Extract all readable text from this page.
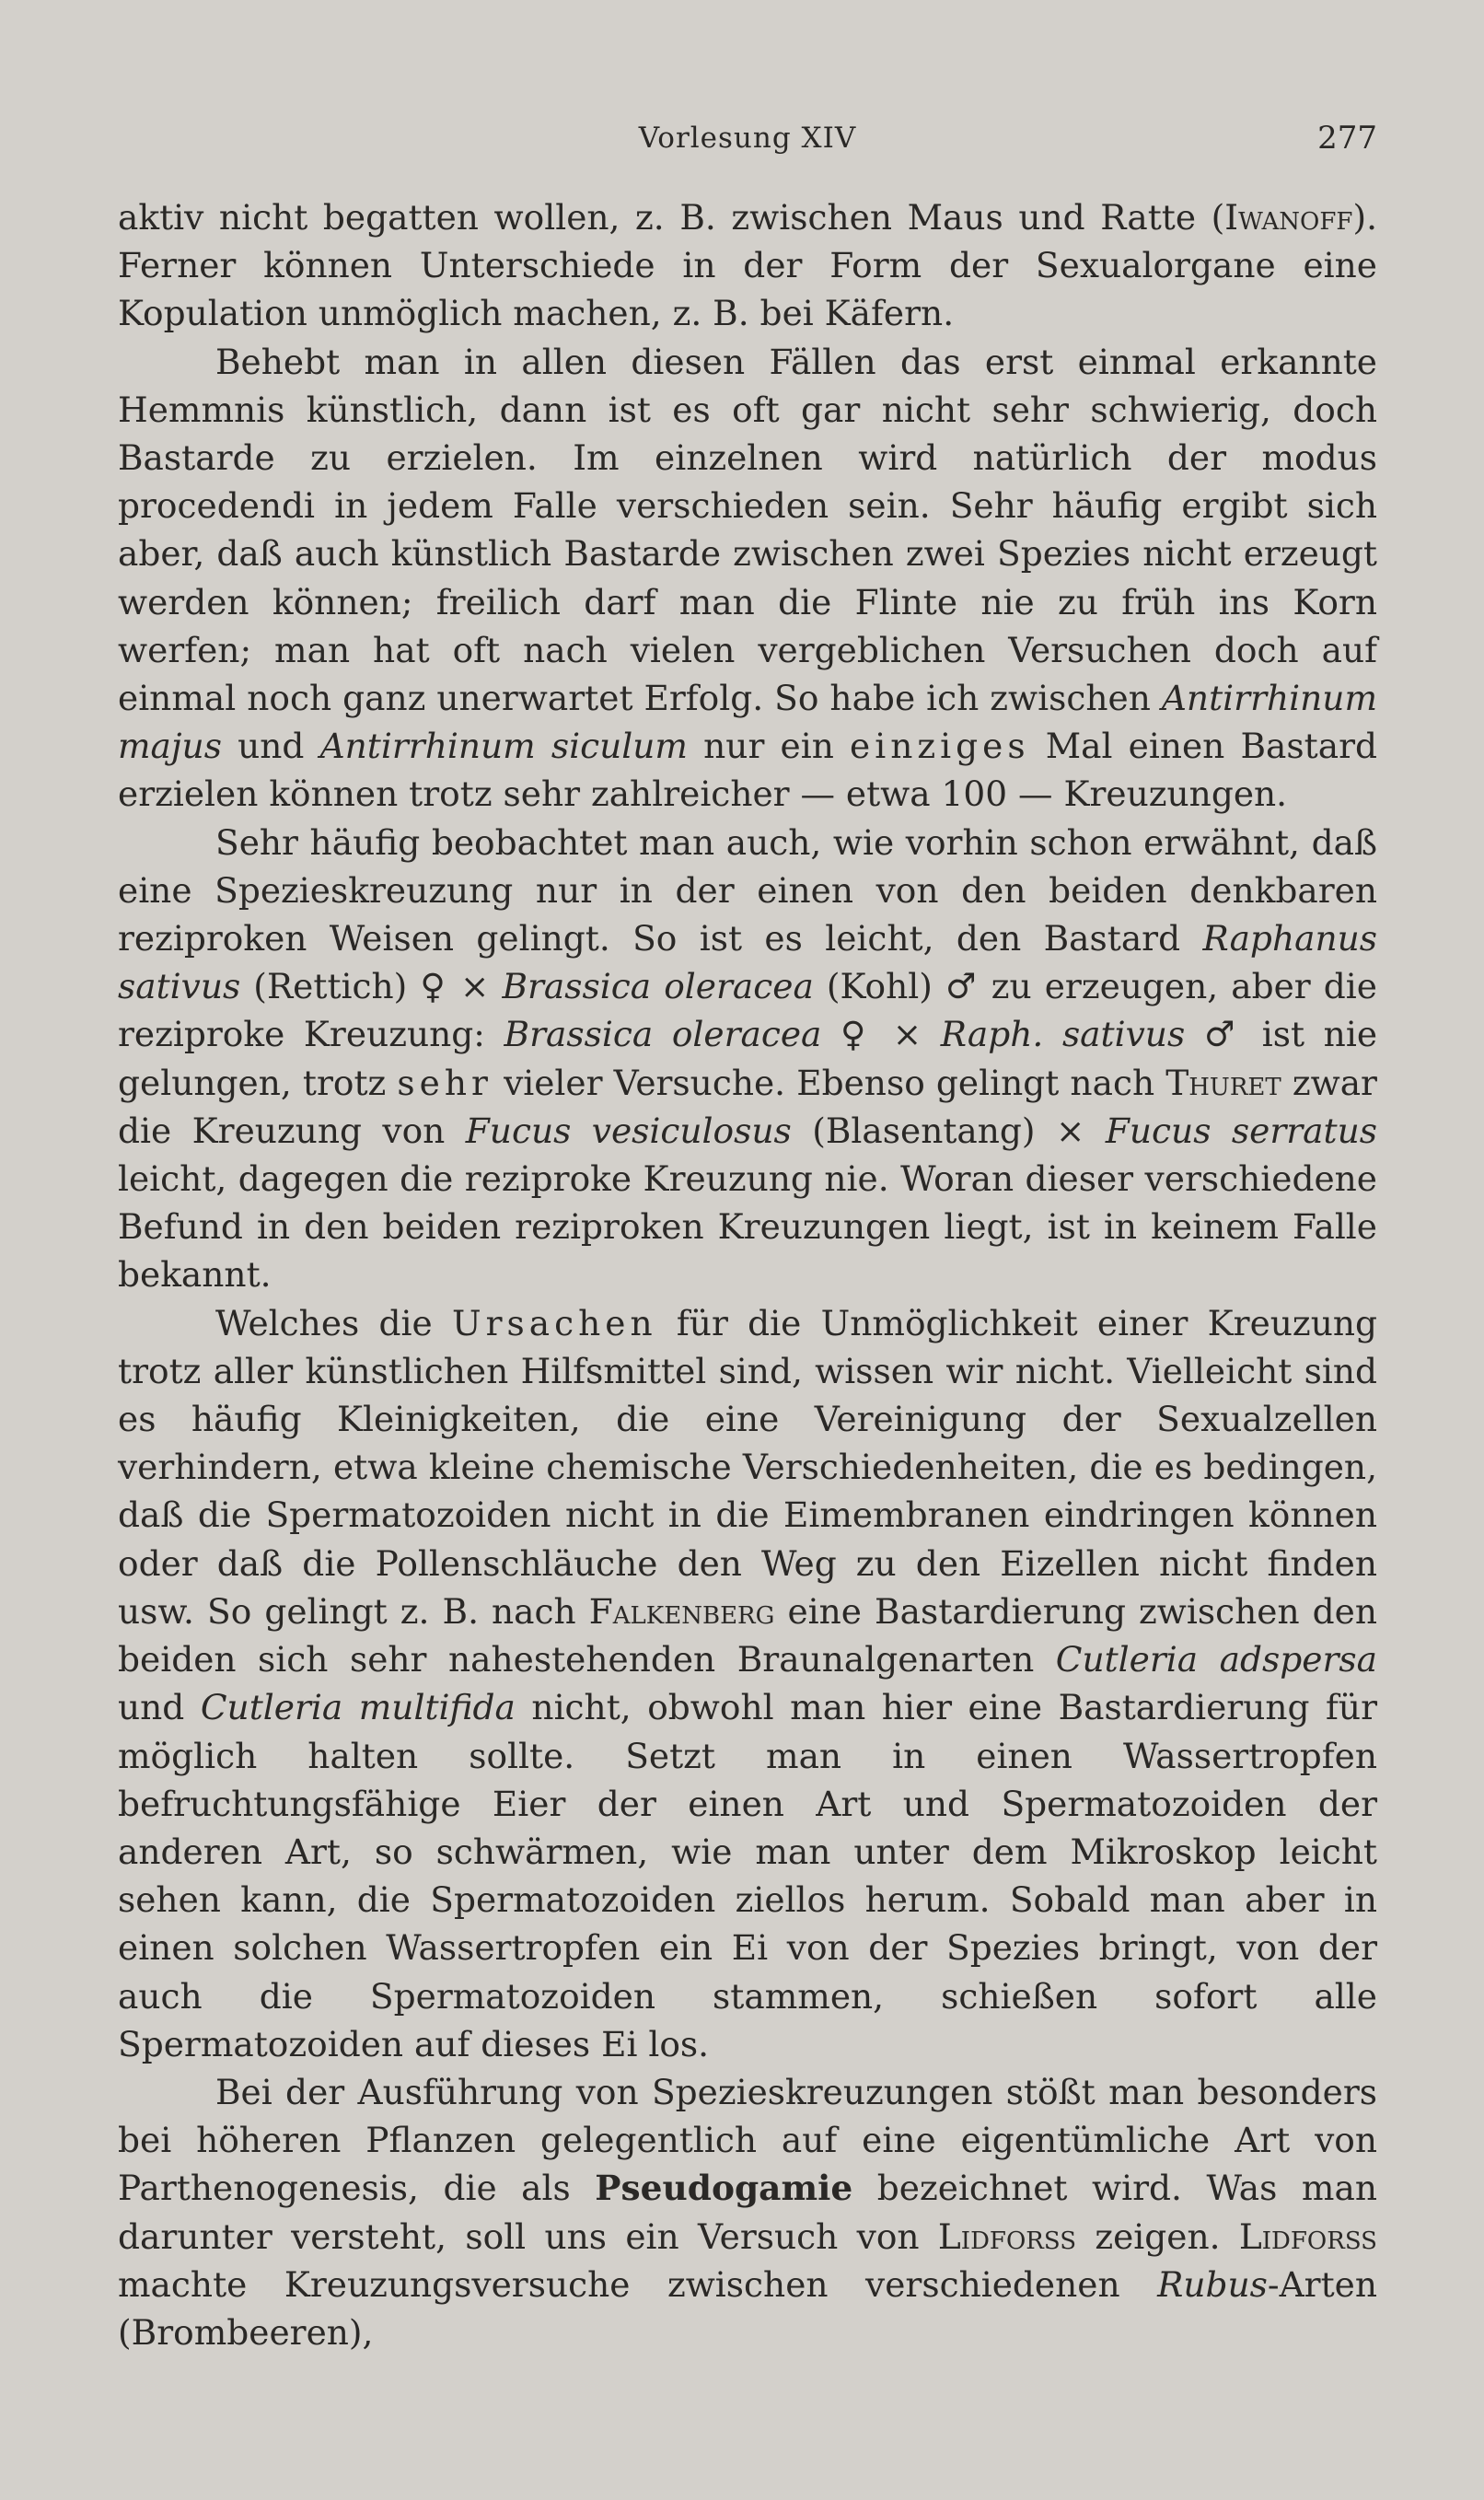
Vorlesung XIV	277

aktiv nicht begatten wollen, z. B. zwischen Maus und Ratte (Iwanoff). Ferner können Unterschiede in der Form der Sexualorgane eine Kopulation unmöglich machen, z. B. bei Käfern.

Behebt man in allen diesen Fällen das erst einmal erkannte Hemmnis künstlich, dann ist es oft gar nicht sehr schwierig, doch Bastarde zu erzielen. Im einzelnen wird natürlich der modus procedendi in jedem Falle verschieden sein. Sehr häufig ergibt sich aber, daß auch künstlich Bastarde zwischen zwei Spezies nicht erzeugt werden können; freilich darf man die Flinte nie zu früh ins Korn werfen; man hat oft nach vielen vergeblichen Versuchen doch auf einmal noch ganz unerwartet Erfolg. So habe ich zwischen Antirrhinum majus und Antirrhinum siculum nur ein einziges Mal einen Bastard erzielen können trotz sehr zahlreicher — etwa 100 — Kreuzungen.

Sehr häufig beobachtet man auch, wie vorhin schon erwähnt, daß eine Spezieskreuzung nur in der einen von den beiden denkbaren reziproken Weisen gelingt. So ist es leicht, den Bastard Raphanus sativus (Rettich) ♀ × Brassica oleracea (Kohl) ♂ zu erzeugen, aber die reziproke Kreuzung: Brassica oleracea ♀ × Raph. sativus ♂ ist nie gelungen, trotz sehr vieler Versuche. Ebenso gelingt nach Thuret zwar die Kreuzung von Fucus vesiculosus (Blasentang) × Fucus serratus leicht, dagegen die reziproke Kreuzung nie. Woran dieser verschiedene Befund in den beiden reziproken Kreuzungen liegt, ist in keinem Falle bekannt.

Welches die Ursachen für die Unmöglichkeit einer Kreuzung trotz aller künstlichen Hilfsmittel sind, wissen wir nicht. Vielleicht sind es häufig Kleinigkeiten, die eine Vereinigung der Sexualzellen verhindern, etwa kleine chemische Verschiedenheiten, die es bedingen, daß die Spermatozoiden nicht in die Eimembranen eindringen können oder daß die Pollenschläuche den Weg zu den Eizellen nicht finden usw. So gelingt z. B. nach Falkenberg eine Bastardierung zwischen den beiden sich sehr nahestehenden Braunalgenarten Cutleria adspersa und Cutleria multifida nicht, obwohl man hier eine Bastardierung für möglich halten sollte. Setzt man in einen Wassertropfen befruchtungsfähige Eier der einen Art und Spermatozoiden der anderen Art, so schwärmen, wie man unter dem Mikroskop leicht sehen kann, die Spermatozoiden ziellos herum. Sobald man aber in einen solchen Wassertropfen ein Ei von der Spezies bringt, von der auch die Spermatozoiden stammen, schießen sofort alle Spermatozoiden auf dieses Ei los.

Bei der Ausführung von Spezieskreuzungen stößt man besonders bei höheren Pflanzen gelegentlich auf eine eigentümliche Art von Parthenogenesis, die als Pseudogamie bezeichnet wird. Was man darunter versteht, soll uns ein Versuch von Lidforss zeigen. Lidforss machte Kreuzungsversuche zwischen verschiedenen Rubus-Arten (Brombeeren),
